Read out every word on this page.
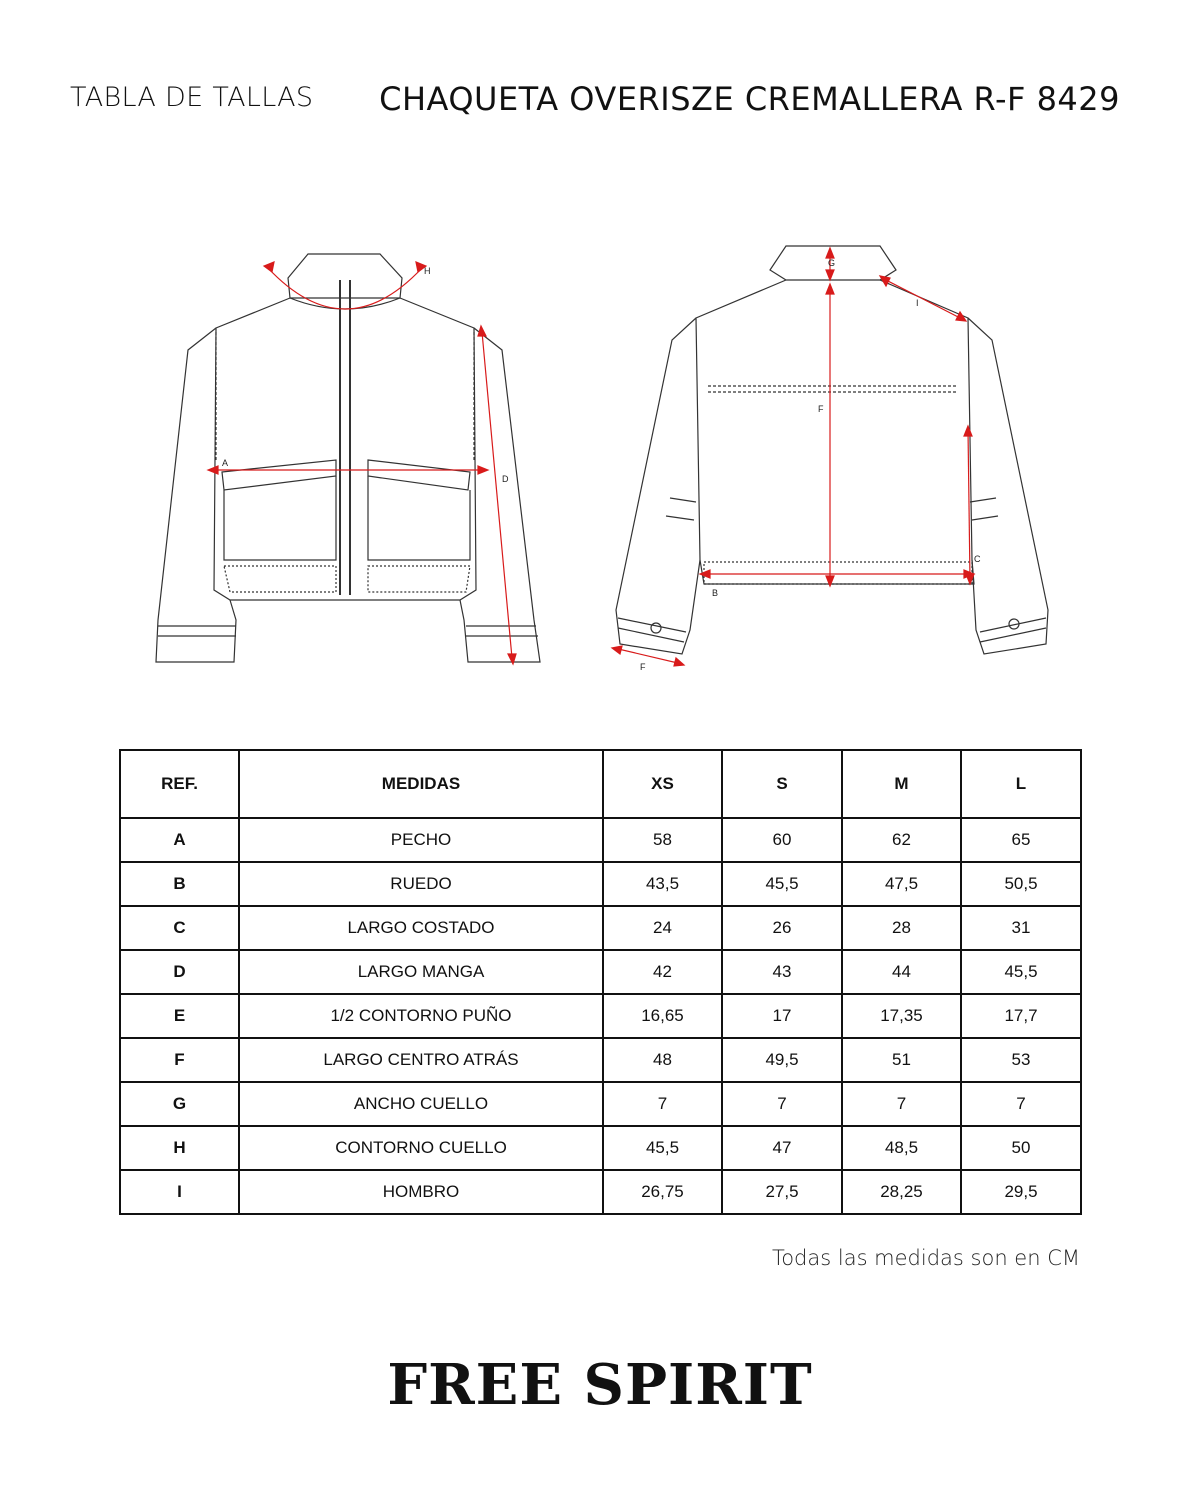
TABLA DE TALLAS CHAQUETA OVERISZE CREMALLERA R-F 8429
H
A
D
G
I
F
C
B
F
REF.	MEDIDAS	XS	S	M	L
A	PECHO	58	60	62	65
B	RUEDO	43,5	45,5	47,5	50,5
C	LARGO COSTADO	24	26	28	31
D	LARGO MANGA	42	43	44	45,5
E	1/2 CONTORNO PUÑO	16,65	17	17,35	17,7
F	LARGO CENTRO ATRÁS	48	49,5	51	53
G	ANCHO CUELLO	7	7	7	7
H	CONTORNO CUELLO	45,5	47	48,5	50
I	HOMBRO	26,75	27,5	28,25	29,5
Todas las medidas son en CM
FREE SPIRIT
